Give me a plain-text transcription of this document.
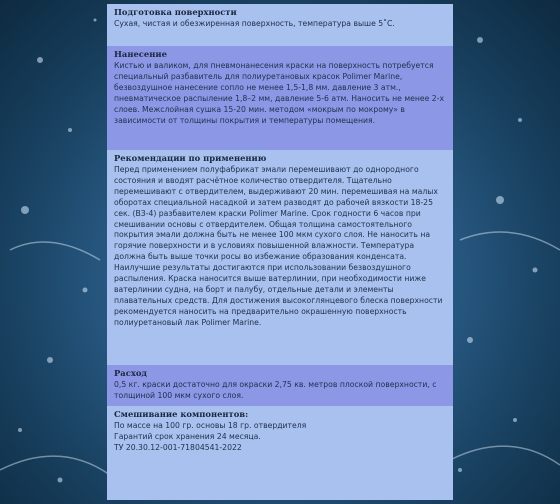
Подготовка поверхности

Сухая, чистая и обезжиренная поверхность, температура выше 5˚С.

Нанесение

Кистью и валиком, для пневмонанесения краски на поверхность потребуется специальный разбавитель для полиуретановых красок Polimer Marine, безвоздушное нанесение сопло не менее 1,5-1,8 мм. давление 3 атм., пневматическое распыление 1,8–2 мм, давление 5-6 атм. Наносить не менее 2-х слоев. Межслойная сушка 15-20 мин. методом «мокрым по мокрому» в зависимости от толщины покрытия и температуры помещения.

Рекомендации по применению

Перед применением полуфабрикат эмали перемешивают до однородного состояния и вводят расчётное количество отвердителя. Тщательно перемешивают с отвердителем, выдерживают 20 мин. перемешивая на малых оборотах специальной насадкой и затем разводят до рабочей вязкости 18-25 сек. (ВЗ-4) разбавителем краски Polimer Marine. Срок годности 6 часов при смешивании основы с отвердителем. Общая толщина самостоятельного покрытия эмали должна быть не менее 100 мкм сухого слоя. Не наносить на горячие поверхности и в условиях повышенной влажности. Температура должна быть выше точки росы во избежание образования конденсата. Наилучшие результаты достигаются при использовании безвоздушного распыления. Краска наносится выше ватерлинии, при необходимости ниже ватерлинии судна, на борт и палубу, отдельные детали и элементы плавательных средств. Для достижения высокоглянцевого блеска поверхности рекомендуется наносить на предварительно окрашенную поверхность полиуретановый лак Polimer Marine.

Расход

0,5 кг. краски достаточно для окраски 2,75 кв. метров плоской поверхности, с толщиной 100 мкм сухого слоя.

Смешивание компонентов:

По массе на 100 гр. основы 18 гр. отвердителя

Гарантий срок хранения 24 месяца.

ТУ 20.30.12-001-71804541-2022
